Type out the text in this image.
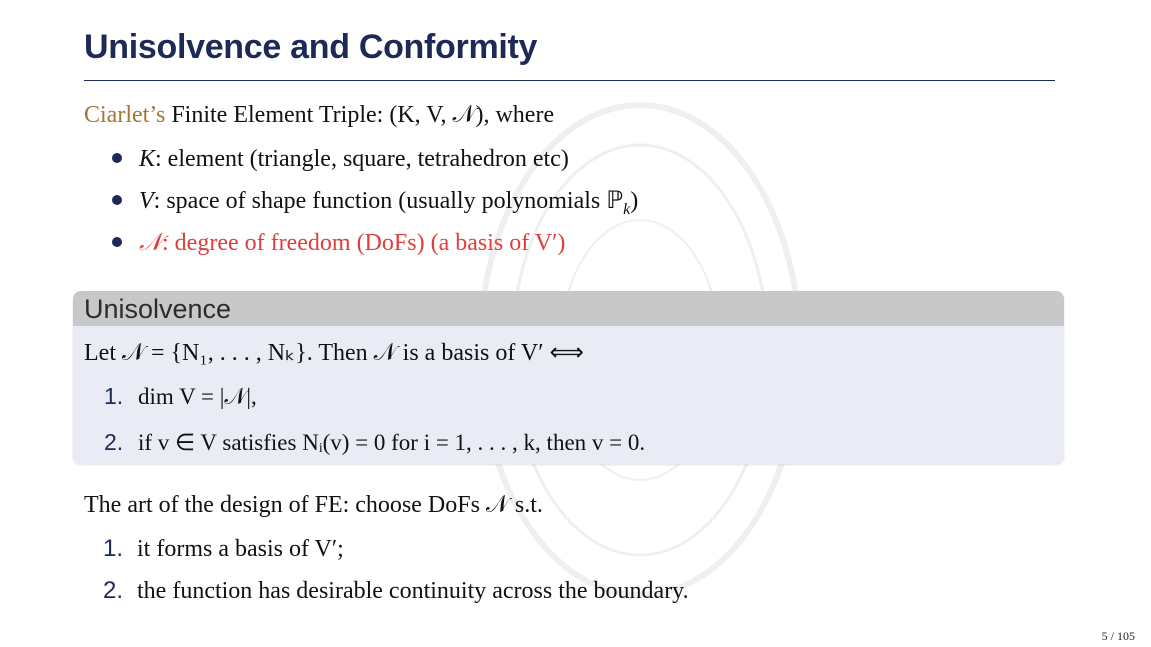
Unisolvence and Conformity
Ciarlet’s Finite Element Triple: (K, V, 𝒩), where
K: element (triangle, square, tetrahedron etc)
V: space of shape function (usually polynomials ℙ$_k$)
𝒩: degree of freedom (DoFs) (a basis of V′)
Unisolvence
Let 𝒩 = {N₁, . . . , Nₖ}. Then 𝒩 is a basis of V′ ⟺
1. dim V = |𝒩|,
2. if v ∈ V satisfies Nᵢ(v) = 0 for i = 1, . . . , k, then v = 0.
The art of the design of FE: choose DoFs 𝒩 s.t.
1. it forms a basis of V′;
2. the function has desirable continuity across the boundary.
5 / 105
